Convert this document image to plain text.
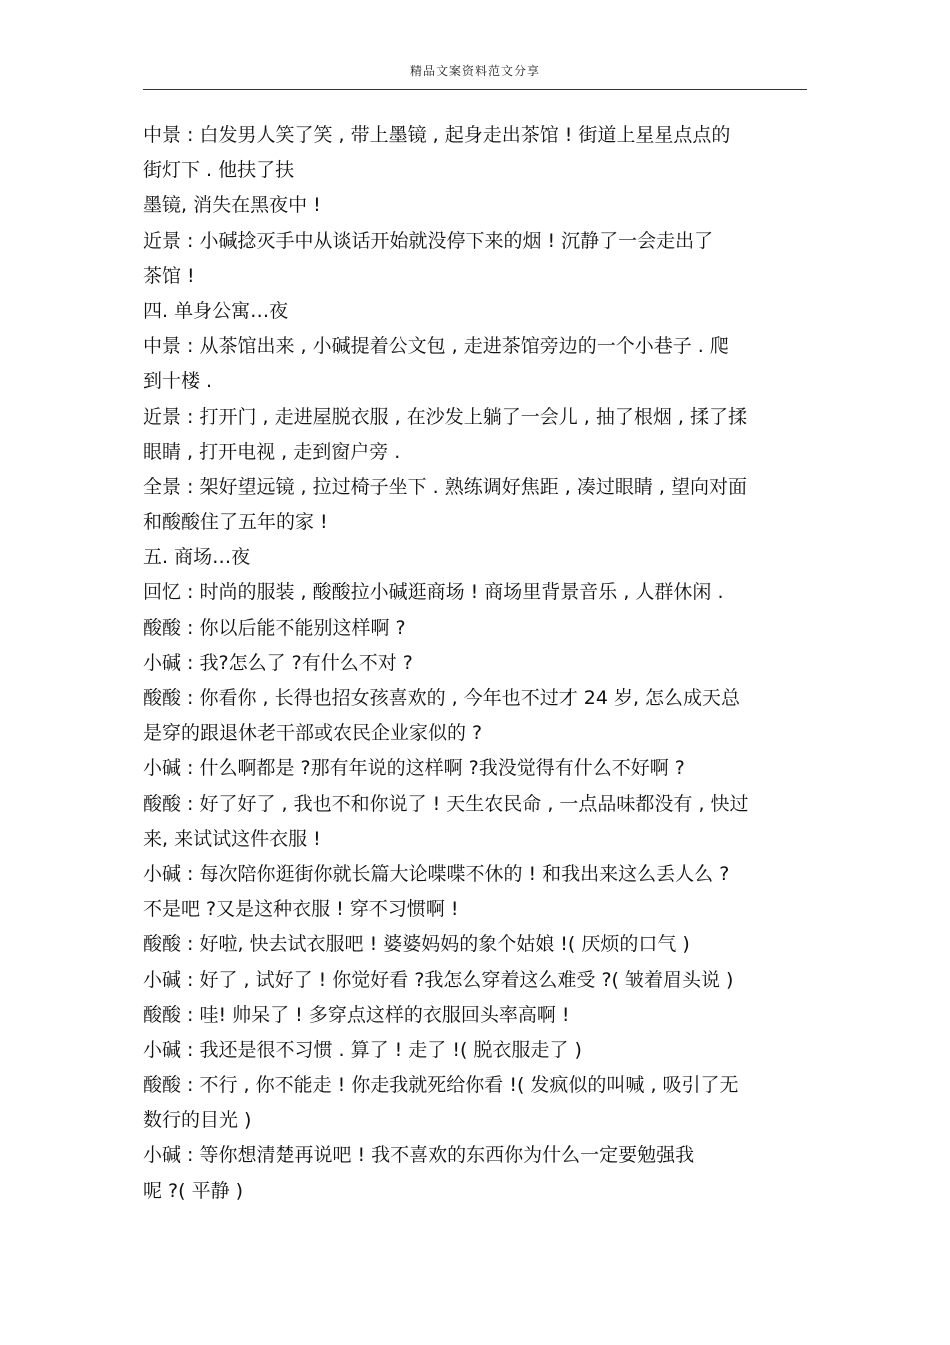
精品文案资料范文分享
中景 : 白发男人笑了笑 , 带上墨镜 , 起身走出茶馆 ! 街道上星星点点的
街灯下 . 他扶了扶
墨镜, 消失在黑夜中 !
近景 : 小碱捻灭手中从谈话开始就没停下来的烟 ! 沉静了一会走出了
茶馆 !
四. 单身公寓…夜
中景 : 从茶馆出来 , 小碱提着公文包 , 走进茶馆旁边的一个小巷子 . 爬
到十楼 .
近景 : 打开门 , 走进屋脱衣服 , 在沙发上躺了一会儿 , 抽了根烟 , 揉了揉
眼睛 , 打开电视 , 走到窗户旁 .
全景 : 架好望远镜 , 拉过椅子坐下 . 熟练调好焦距 , 凑过眼睛 , 望向对面
和酸酸住了五年的家 !
五. 商场…夜
回忆 : 时尚的服装 , 酸酸拉小碱逛商场 ! 商场里背景音乐 , 人群休闲 .
酸酸 : 你以后能不能别这样啊 ?
小碱 : 我?怎么了 ?有什么不对 ?
酸酸 : 你看你 , 长得也招女孩喜欢的 , 今年也不过才 24 岁, 怎么成天总
是穿的跟退休老干部或农民企业家似的 ?
小碱 : 什么啊都是 ?那有年说的这样啊 ?我没觉得有什么不好啊 ?
酸酸 : 好了好了 , 我也不和你说了 ! 天生农民命 , 一点品味都没有 , 快过
来, 来试试这件衣服 !
小碱 : 每次陪你逛街你就长篇大论喋喋不休的 ! 和我出来这么丢人么 ?
不是吧 ?又是这种衣服 ! 穿不习惯啊 !
酸酸 : 好啦, 快去试衣服吧 ! 婆婆妈妈的象个姑娘 !( 厌烦的口气 )
小碱 : 好了 , 试好了 ! 你觉好看 ?我怎么穿着这么难受 ?( 皱着眉头说 )
酸酸 : 哇! 帅呆了 ! 多穿点这样的衣服回头率高啊 !
小碱 : 我还是很不习惯 . 算了 ! 走了 !( 脱衣服走了 )
酸酸 : 不行 , 你不能走 ! 你走我就死给你看 !( 发疯似的叫喊 , 吸引了无
数行的目光 )
小碱 : 等你想清楚再说吧 ! 我不喜欢的东西你为什么一定要勉强我
呢 ?( 平静 )
